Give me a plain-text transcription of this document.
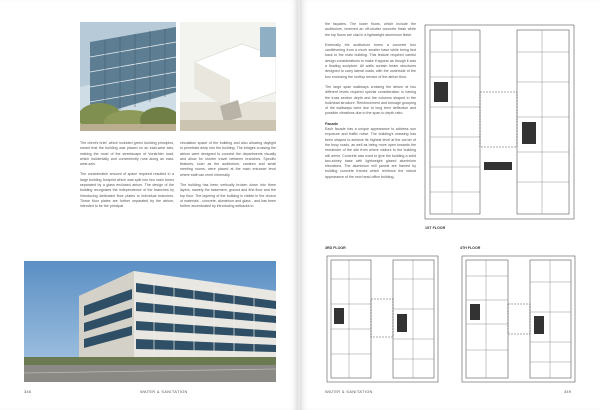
The client's brief, which included green building principles, meant that the building was placed on an east-west axis, making the most of the streetscape of Vorströter road, which incidentally and conveniently runs along an east-west axis.

The considerable amount of space required resulted in a large building footprint which was split into two main forms separated by a glass enclosed atrium. The design of the building recognises the independence of the branches by introducing dedicated floor plates to individual branches. These floor plates are further separated by the atrium, intended to be the principal

circulation space of the building and also allowing daylight to penetrate deep into the building. The bridges crossing the atrium were designed to connect the departments visually and allow for shorter travel between branches. Specific features, such as the auditorium, canteen and small meeting rooms, were placed at the main entrance level where staff can meet informally.

The building has been vertically broken down into three layers, namely the basement, ground and first floor and the top floor. The layering of the building is visible in the choice of materials - concrete, aluminium and glass - and has been further accentuated by introducing setbacks to

346	WATER & SANITATION

the façades. The lower floors, which include the auditorium, received an off-shutter concrete finish while the top floors are clad in a lightweight aluminium finish.

Externally the auditorium forms a concrete box cantilevering from a much smaller base while being tied back to the main building. This feature required careful design considerations to make it appear as though it was a floating sculpture. All walls contain beam structures designed to carry lateral loads, with the underside of the box enclosing the rooftop terrace of the atrium floor.

The large span walkways crossing the atrium at two different levels required special consideration in having the truss section depth and the columns shaped in the bulkhead structure. Reinforcement and tonnage grouping of the walkways were due to long term deflection and possible vibrations due to the span to depth ratio.

Facade

Each facade has a unique appearance to address sun exposure and traffic noise. The building's massing has been shaped to achieve its highest level at the corner of the busy roads, as well as being more open towards the remainder of the site from where visitors to the building will arrive. Concrete was used to give the building a solid two-storey base with lightweight glazed aluminium elevations. The aluminium mill panels are framed by building concrete frames which reinforce the robust appearance of the new head office building.

1ST FLOOR
3RD FLOOR	4TH FLOOR
WATER & SANITATION	349
